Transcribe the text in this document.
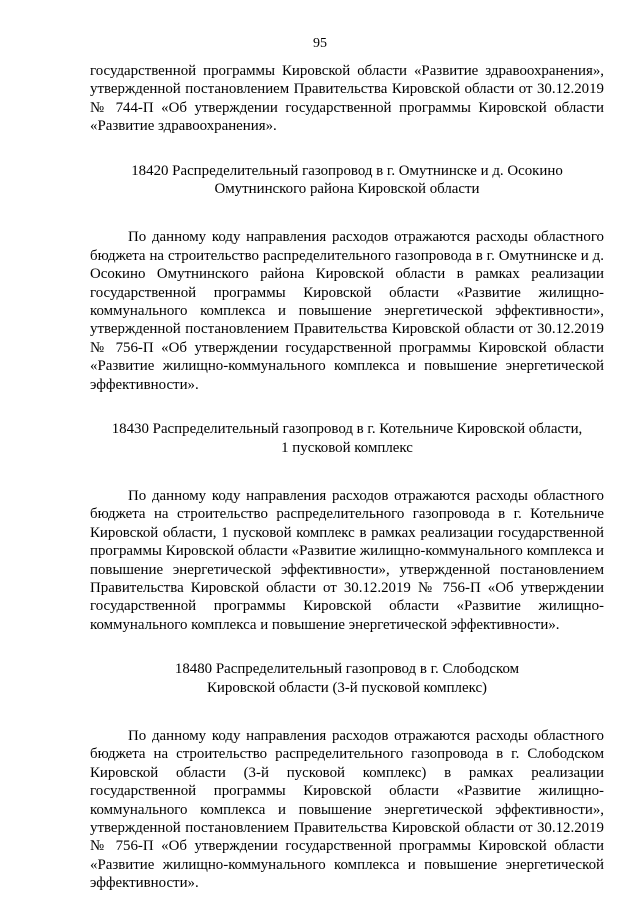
95

государственной программы Кировской области «Развитие здравоохранения», утвержденной постановлением Правительства Кировской области от 30.12.2019 № 744-П «Об утверждении государственной программы Кировской области «Развитие здравоохранения».

18420 Распределительный газопровод в г. Омутнинске и д. Осокино
Омутнинского района Кировской области

По данному коду направления расходов отражаются расходы областного бюджета на строительство распределительного газопровода в г. Омутнинске и д. Осокино Омутнинского района Кировской области в рамках реализации государственной программы Кировской области «Развитие жилищно-коммунального комплекса и повышение энергетической эффективности», утвержденной постановлением Правительства Кировской области от 30.12.2019 № 756-П «Об утверждении государственной программы Кировской области «Развитие жилищно-коммунального комплекса и повышение энергетической эффективности».

18430 Распределительный газопровод в г. Котельниче Кировской области,
1 пусковой комплекс

По данному коду направления расходов отражаются расходы областного бюджета на строительство распределительного газопровода в г. Котельниче Кировской области, 1 пусковой комплекс в рамках реализации государственной программы Кировской области «Развитие жилищно-коммунального комплекса и повышение энергетической эффективности», утвержденной постановлением Правительства Кировской области от 30.12.2019 № 756-П «Об утверждении государственной программы Кировской области «Развитие жилищно-коммунального комплекса и повышение энергетической эффективности».

18480 Распределительный газопровод в г. Слободском
Кировской области (3-й пусковой комплекс)

По данному коду направления расходов отражаются расходы областного бюджета на строительство распределительного газопровода в г. Слободском Кировской области (3-й пусковой комплекс) в рамках реализации государственной программы Кировской области «Развитие жилищно-коммунального комплекса и повышение энергетической эффективности», утвержденной постановлением Правительства Кировской области от 30.12.2019 № 756-П «Об утверждении государственной программы Кировской области «Развитие жилищно-коммунального комплекса и повышение энергетической эффективности».
